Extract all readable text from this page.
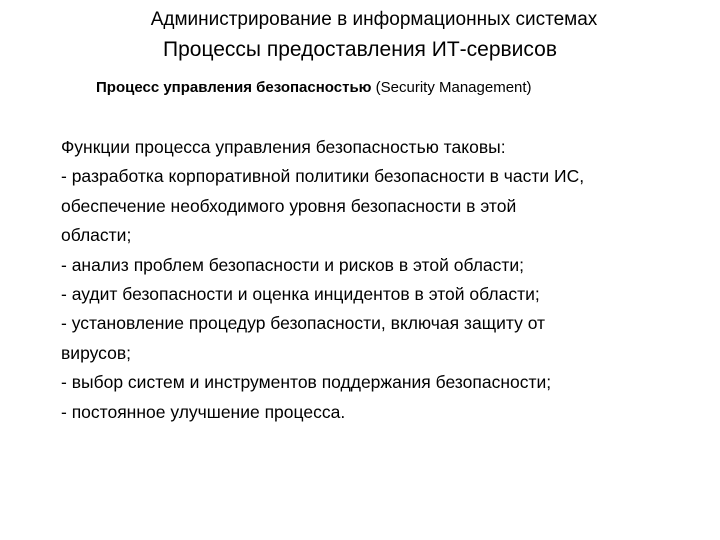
Администрирование в информационных системах
Процессы предоставления ИТ-сервисов
Процесс управления безопасностью (Security Management)
Функции процесса управления безопасностью таковы:
- разработка корпоративной политики безопасности в части ИС,
обеспечение необходимого уровня безопасности в этой
области;
- анализ проблем безопасности и рисков в этой области;
- аудит безопасности и оценка инцидентов в этой области;
- установление процедур безопасности, включая защиту от
вирусов;
- выбор систем и инструментов поддержания безопасности;
- постоянное улучшение процесса.
